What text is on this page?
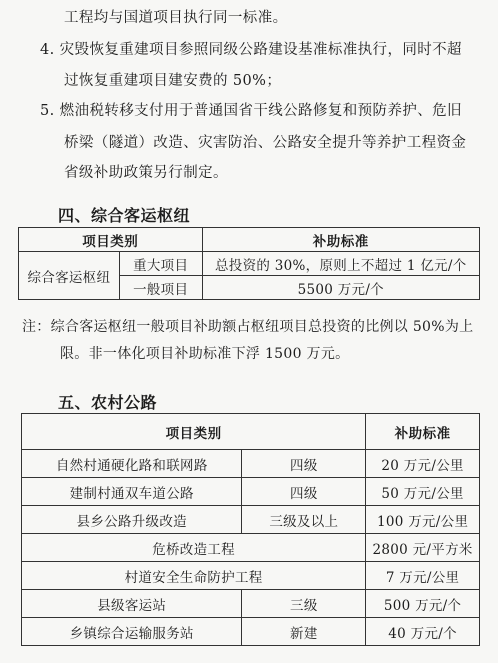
工程均与国道项目执行同一标准。
4. 灾毁恢复重建项目参照同级公路建设基准标准执行，同时不超
过恢复重建项目建安费的 50%；
5. 燃油税转移支付用于普通国省干线公路修复和预防养护、危旧
桥梁（隧道）改造、灾害防治、公路安全提升等养护工程资金
省级补助政策另行制定。
四、综合客运枢纽
项目类别		补助标准
综合客运枢纽	重大项目	总投资的 30%，原则上不超过 1 亿元/个
	一般项目	5500 万元/个
注：综合客运枢纽一般项目补助额占枢纽项目总投资的比例以 50%为上
限。非一体化项目补助标准下浮 1500 万元。
五、农村公路
项目类别		补助标准
自然村通硬化路和联网路	四级	20 万元/公里
建制村通双车道公路	四级	50 万元/公里
县乡公路升级改造	三级及以上	100 万元/公里
危桥改造工程		2800 元/平方米
村道安全生命防护工程		7 万元/公里
县级客运站	三级	500 万元/个
乡镇综合运输服务站	新建	40 万元/个
